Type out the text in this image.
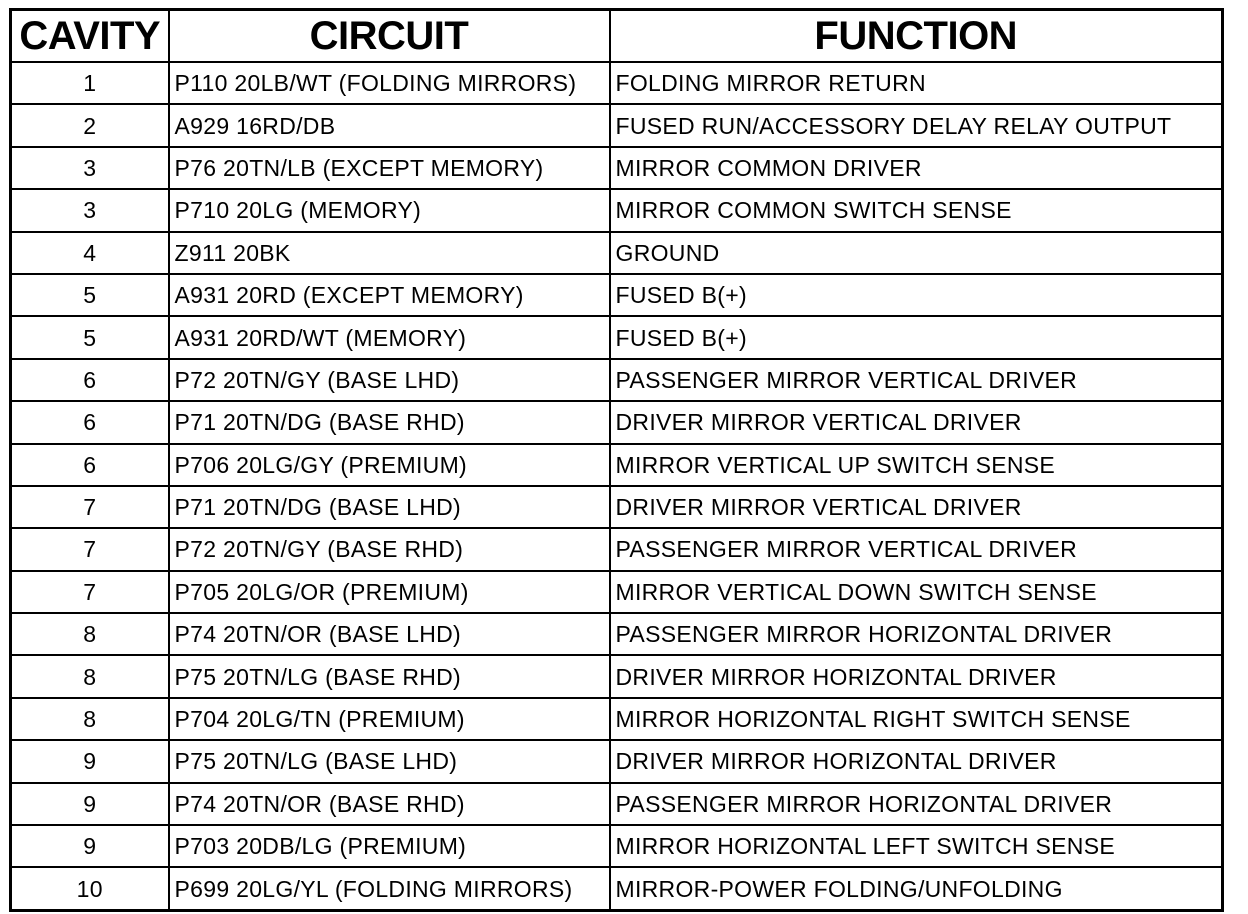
CAVITY	CIRCUIT	FUNCTION
1	P110 20LB/WT (FOLDING MIRRORS)	FOLDING MIRROR RETURN
2	A929 16RD/DB	FUSED RUN/ACCESSORY DELAY RELAY OUTPUT
3	P76 20TN/LB (EXCEPT MEMORY)	MIRROR COMMON DRIVER
3	P710 20LG (MEMORY)	MIRROR COMMON SWITCH SENSE
4	Z911 20BK	GROUND
5	A931 20RD (EXCEPT MEMORY)	FUSED B(+)
5	A931 20RD/WT (MEMORY)	FUSED B(+)
6	P72 20TN/GY (BASE LHD)	PASSENGER MIRROR VERTICAL DRIVER
6	P71 20TN/DG (BASE RHD)	DRIVER MIRROR VERTICAL DRIVER
6	P706 20LG/GY (PREMIUM)	MIRROR VERTICAL UP SWITCH SENSE
7	P71 20TN/DG (BASE LHD)	DRIVER MIRROR VERTICAL DRIVER
7	P72 20TN/GY (BASE RHD)	PASSENGER MIRROR VERTICAL DRIVER
7	P705 20LG/OR (PREMIUM)	MIRROR VERTICAL DOWN SWITCH SENSE
8	P74 20TN/OR (BASE LHD)	PASSENGER MIRROR HORIZONTAL DRIVER
8	P75 20TN/LG (BASE RHD)	DRIVER MIRROR HORIZONTAL DRIVER
8	P704 20LG/TN (PREMIUM)	MIRROR HORIZONTAL RIGHT SWITCH SENSE
9	P75 20TN/LG (BASE LHD)	DRIVER MIRROR HORIZONTAL DRIVER
9	P74 20TN/OR (BASE RHD)	PASSENGER MIRROR HORIZONTAL DRIVER
9	P703 20DB/LG (PREMIUM)	MIRROR HORIZONTAL LEFT SWITCH SENSE
10	P699 20LG/YL (FOLDING MIRRORS)	MIRROR-POWER FOLDING/UNFOLDING
